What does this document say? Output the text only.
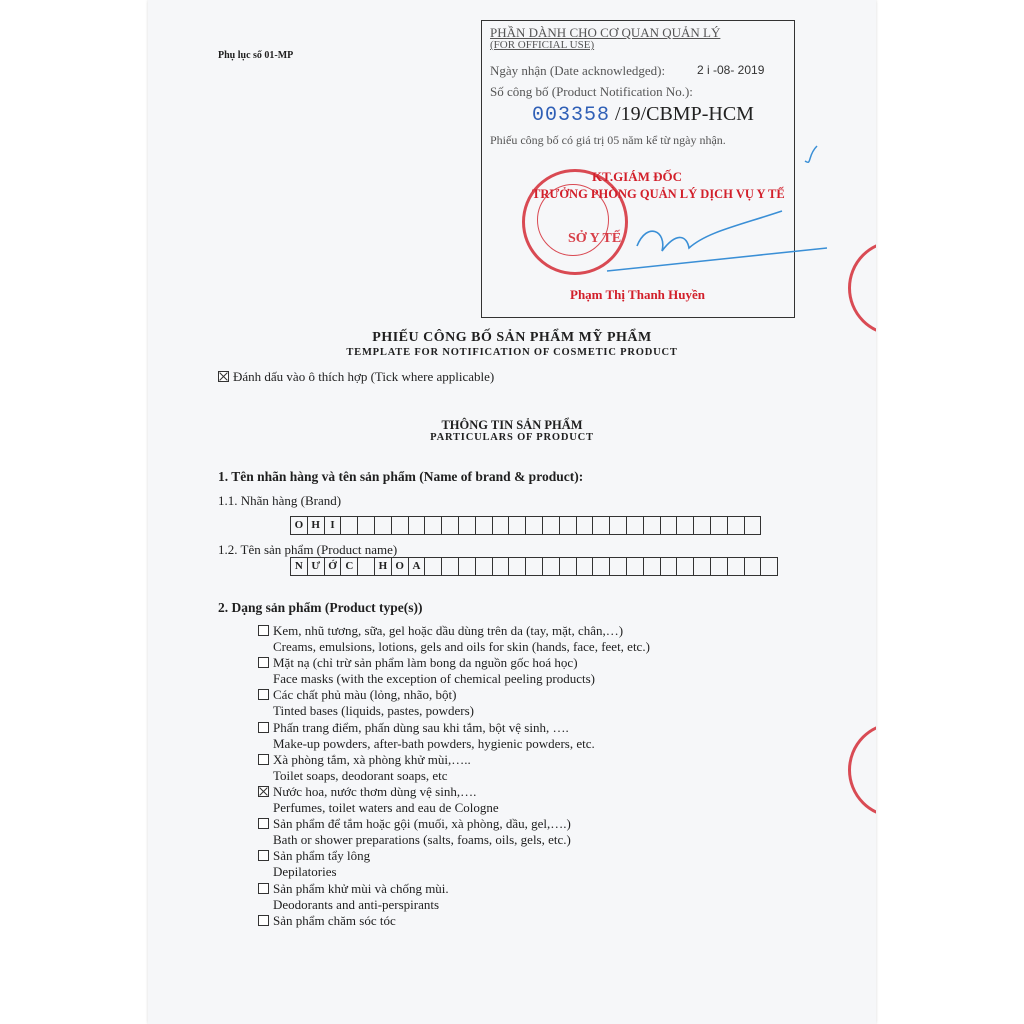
Phụ lục số 01-MP
PHẦN DÀNH CHO CƠ QUAN QUẢN LÝ
(FOR OFFICIAL USE)
Ngày nhận (Date acknowledged):	2 i -08- 2019
Số công bố (Product Notification No.):
003358 /19/CBMP-HCM
Phiếu công bố có giá trị 05 năm kể từ ngày nhận.
SỞ Y TẾ
KT.GIÁM ĐỐC
TRƯỞNG PHÒNG QUẢN LÝ DỊCH VỤ Y TẾ
Phạm Thị Thanh Huyền
PHIẾU CÔNG BỐ SẢN PHẨM MỸ PHẨM
TEMPLATE FOR NOTIFICATION OF COSMETIC PRODUCT
Đánh dấu vào ô thích hợp (Tick where applicable)
THÔNG TIN SẢN PHẨM
PARTICULARS OF PRODUCT
1. Tên nhãn hàng và tên sản phẩm (Name of brand & product):
1.1. Nhãn hàng (Brand)
O H I
1.2. Tên sản phẩm (Product name)
N Ư Ớ C	H O A
2. Dạng sản phẩm (Product type(s))
Kem, nhũ tương, sữa, gel hoặc dầu dùng trên da (tay, mặt, chân,…)
Creams, emulsions, lotions, gels and oils for skin (hands, face, feet, etc.)
Mặt nạ (chỉ trừ sản phẩm làm bong da nguồn gốc hoá học)
Face masks (with the exception of chemical peeling products)
Các chất phủ màu (lỏng, nhão, bột)
Tinted bases (liquids, pastes, powders)
Phấn trang điểm, phấn dùng sau khi tắm, bột vệ sinh, ….
Make-up powders, after-bath powders, hygienic powders, etc.
Xà phòng tắm, xà phòng khử mùi,…..
Toilet soaps, deodorant soaps, etc
Nước hoa, nước thơm dùng vệ sinh,….
Perfumes, toilet waters and eau de Cologne
Sản phẩm để tắm hoặc gội (muối, xà phòng, dầu, gel,….)
Bath or shower preparations (salts, foams, oils, gels, etc.)
Sản phẩm tẩy lông
Depilatories
Sản phẩm khử mùi và chống mùi.
Deodorants and anti-perspirants
Sản phẩm chăm sóc tóc
